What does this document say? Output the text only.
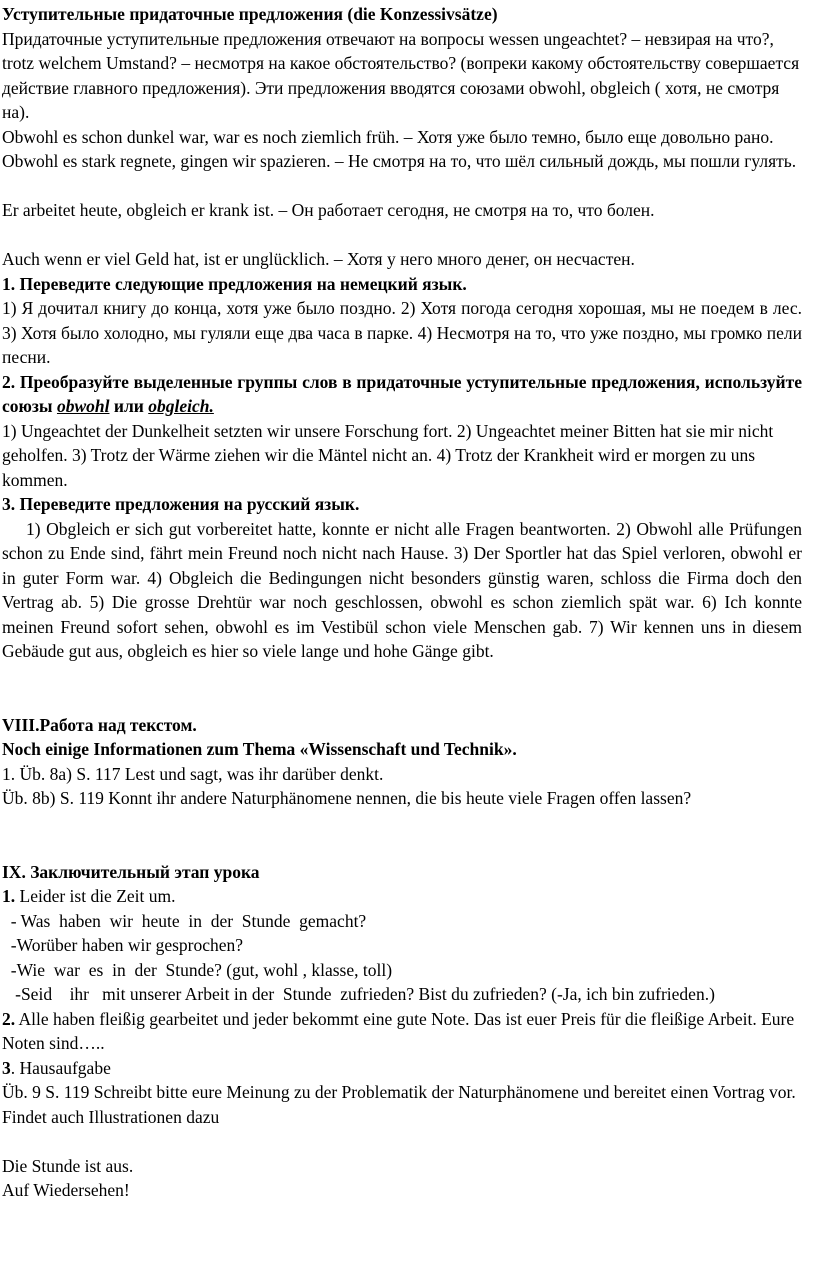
Уступительные придаточные предложения (die Konzessivsätze)

Придаточные уступительные предложения отвечают на вопросы wessen ungeachtet? – невзирая на что?, trotz welchem Umstand? – несмотря на какое обстоятельство? (вопреки какому обстоятельству совершается действие главного предложения). Эти предложения вводятся союзами obwohl, obgleich ( хотя, не смотря на).

Obwohl es schon dunkel war, war es noch ziemlich früh. – Хотя уже было темно, было еще довольно рано.

Obwohl es stark regnete, gingen wir spazieren. – Не смотря на то, что шёл сильный дождь, мы пошли гулять.

Er arbeitet heute, obgleich er krank ist. – Он работает сегодня, не смотря на то, что болен.

Auch wenn er viel Geld hat, ist er unglücklich. – Хотя у него много денег, он несчастен.

1. Переведите следующие предложения на немецкий язык.

1) Я дочитал книгу до конца, хотя уже было поздно. 2) Хотя погода сегодня хорошая, мы не поедем в лес. 3) Хотя было холодно, мы гуляли еще два часа в парке. 4) Несмотря на то, что уже поздно, мы громко пели песни.

2. Преобразуйте выделенные группы слов в придаточные уступительные предложения, используйте союзы obwohl или obgleich.

1) Ungeachtet der Dunkelheit setzten wir unsere Forschung fort. 2) Ungeachtet meiner Bitten hat sie mir nicht geholfen. 3) Trotz der Wärme ziehen wir die Mäntel nicht an. 4) Trotz der Krankheit wird er morgen zu uns kommen.

3. Переведите предложения на русский язык.

1) Obgleich er sich gut vorbereitet hatte, konnte er nicht alle Fragen beantworten. 2) Obwohl alle Prüfungen schon zu Ende sind, fährt mein Freund noch nicht nach Hause. 3) Der Sportler hat das Spiel verloren, obwohl er in guter Form war. 4) Obgleich die Bedingungen nicht besonders günstig waren, schloss die Firma doch den Vertrag ab. 5) Die grosse Drehtür war noch geschlossen, obwohl es schon ziemlich spät war. 6) Ich konnte meinen Freund sofort sehen, obwohl es im Vestibül schon viele Menschen gab. 7) Wir kennen uns in diesem Gebäude gut aus, obgleich es hier so viele lange und hohe Gänge gibt.

VIII.Работа над текстом.

Noch einige Informationen zum Thema «Wissenschaft und Technik».

1. Üb. 8a) S. 117 Lest und sagt, was ihr darüber denkt.

Üb. 8b) S. 119 Konnt ihr andere Naturphänomene nennen, die bis heute viele Fragen offen lassen?

IX. Заключительный этап урока

1. Leider ist die Zeit um.

- Was  haben  wir  heute  in  der  Stunde  gemacht?

-Worüber haben wir gesprochen?

-Wie  war  es  in  der  Stunde? (gut, wohl , klasse, toll)

-Seid    ihr   mit unserer Arbeit in der  Stunde  zufrieden? Bist du zufrieden? (-Ja, ich bin zufrieden.)

2. Alle haben fleißig gearbeitet und jeder bekommt eine gute Note. Das ist euer Preis für die fleißige Arbeit. Eure Noten sind…..

3. Hausaufgabe

Üb. 9 S. 119 Schreibt bitte eure Meinung zu der Problematik der Naturphänomene und bereitet einen Vortrag vor. Findet auch Illustrationen dazu

Die Stunde ist aus.

Auf Wiedersehen!
